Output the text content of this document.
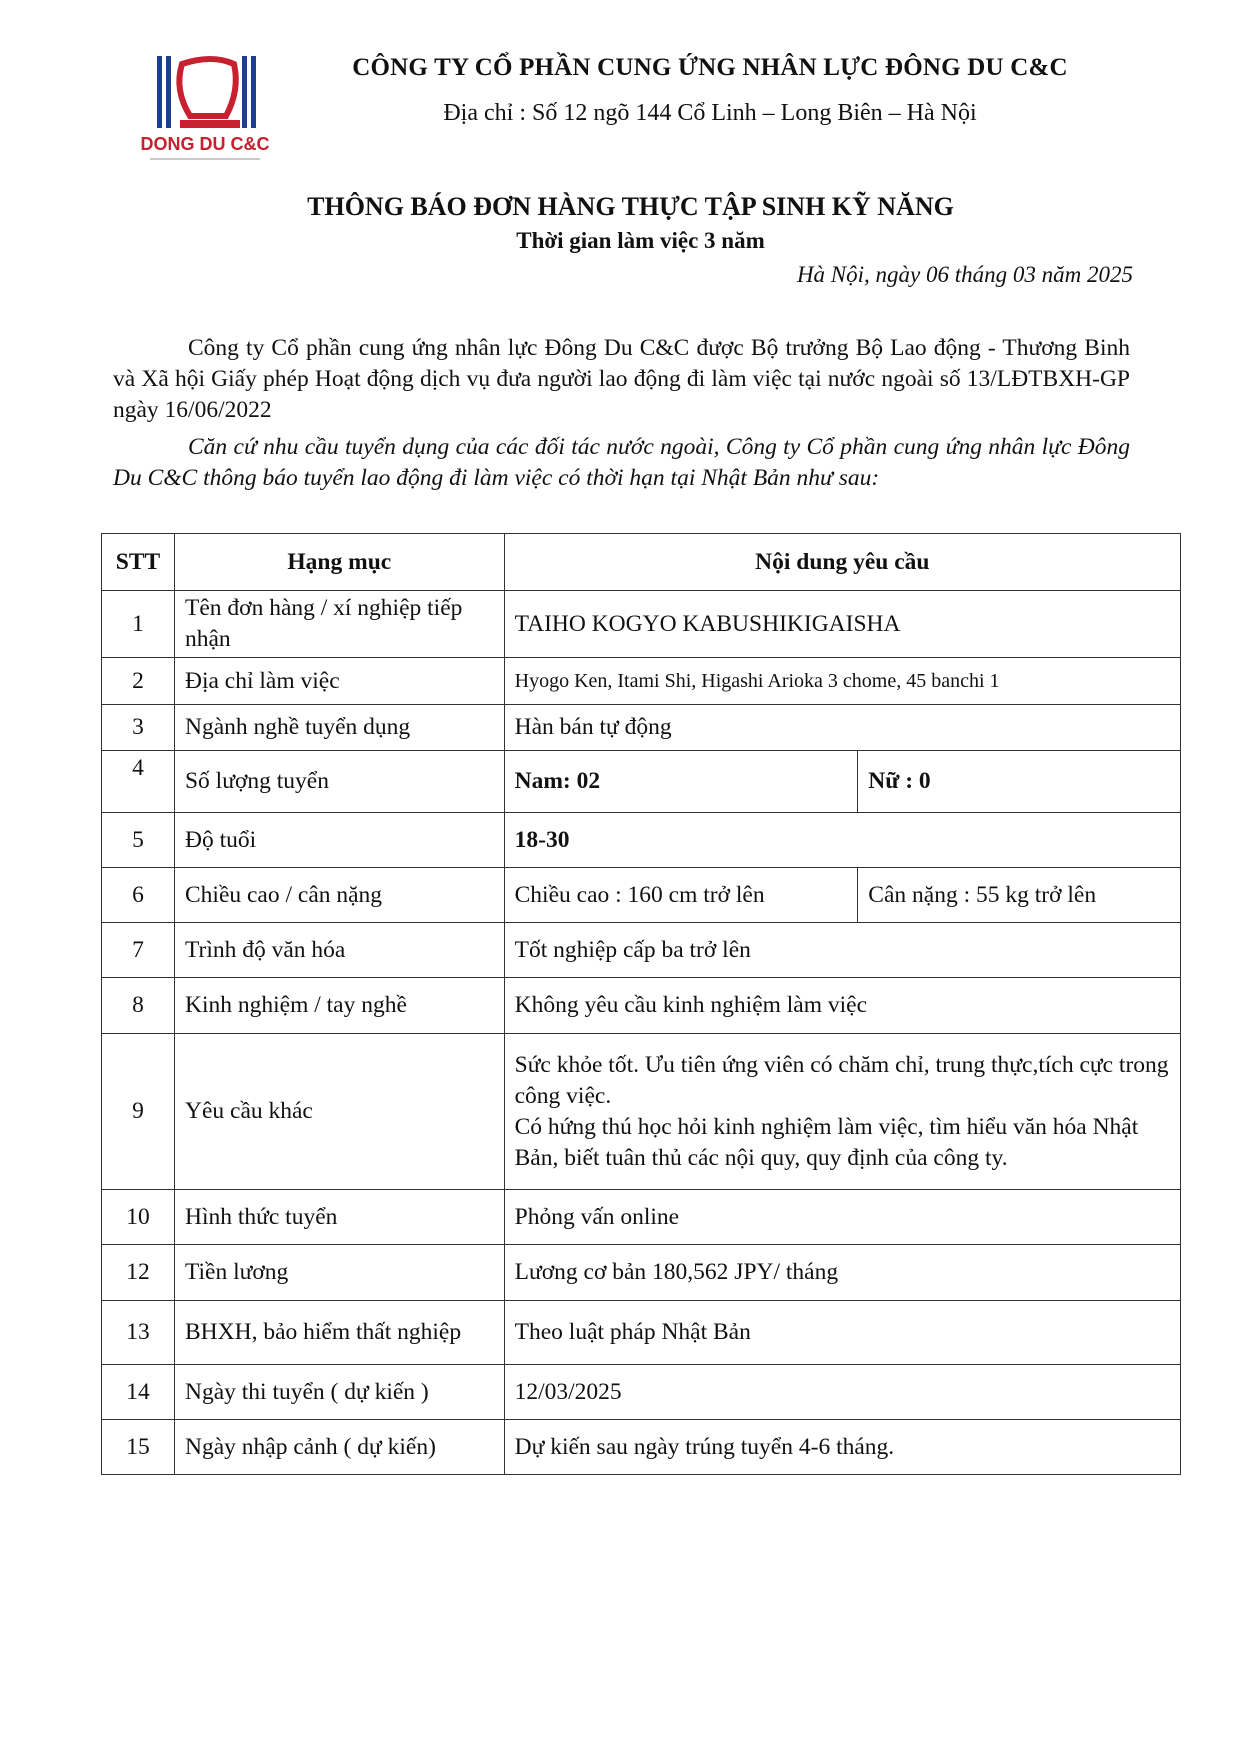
DONG DU C&C
CÔNG TY CỔ PHẦN CUNG ỨNG NHÂN LỰC ĐÔNG DU C&C
Địa chỉ : Số 12 ngõ 144 Cổ Linh – Long Biên – Hà Nội
THÔNG BÁO ĐƠN HÀNG THỰC TẬP SINH KỸ NĂNG
Thời gian làm việc 3 năm
Hà Nội, ngày 06 tháng 03 năm 2025

Công ty Cổ phần cung ứng nhân lực Đông Du C&C được Bộ trưởng Bộ Lao động - Thương Binh và Xã hội Giấy phép Hoạt động dịch vụ đưa người lao động đi làm việc tại nước ngoài số 13/LĐTBXH-GP ngày 16/06/2022

Căn cứ nhu cầu tuyển dụng của các đối tác nước ngoài, Công ty Cổ phần cung ứng nhân lực Đông Du C&C thông báo tuyển lao động đi làm việc có thời hạn tại Nhật Bản như sau:

STT	Hạng mục	Nội dung yêu cầu	
1	Tên đơn hàng / xí nghiệp tiếp nhận	TAIHO KOGYO KABUSHIKIGAISHA	
2	Địa chỉ làm việc	Hyogo Ken, Itami Shi, Higashi Arioka 3 chome, 45 banchi 1	
3	Ngành nghề tuyển dụng	Hàn bán tự động	
4	Số lượng tuyển	Nam: 02	Nữ : 0
5	Độ tuổi	18-30	
6	Chiều cao / cân nặng	Chiều cao : 160 cm trở lên	Cân nặng : 55 kg trở lên
7	Trình độ văn hóa	Tốt nghiệp cấp ba trở lên	
8	Kinh nghiệm / tay nghề	Không yêu cầu kinh nghiệm làm việc	
9	Yêu cầu khác	Sức khỏe tốt. Ưu tiên ứng viên có chăm chỉ, trung thực,tích cực trong công việc.
Có hứng thú học hỏi kinh nghiệm làm việc, tìm hiểu văn hóa Nhật Bản, biết tuân thủ các nội quy, quy định của công ty.	

10	Hình thức tuyển	Phỏng vấn online	
12	Tiền lương	Lương cơ bản 180,562 JPY/ tháng	
13	BHXH, bảo hiểm thất nghiệp	Theo luật pháp Nhật Bản	
14	Ngày thi tuyển ( dự kiến )	12/03/2025	
15	Ngày nhập cảnh ( dự kiến)	Dự kiến sau ngày trúng tuyển 4-6 tháng.	
